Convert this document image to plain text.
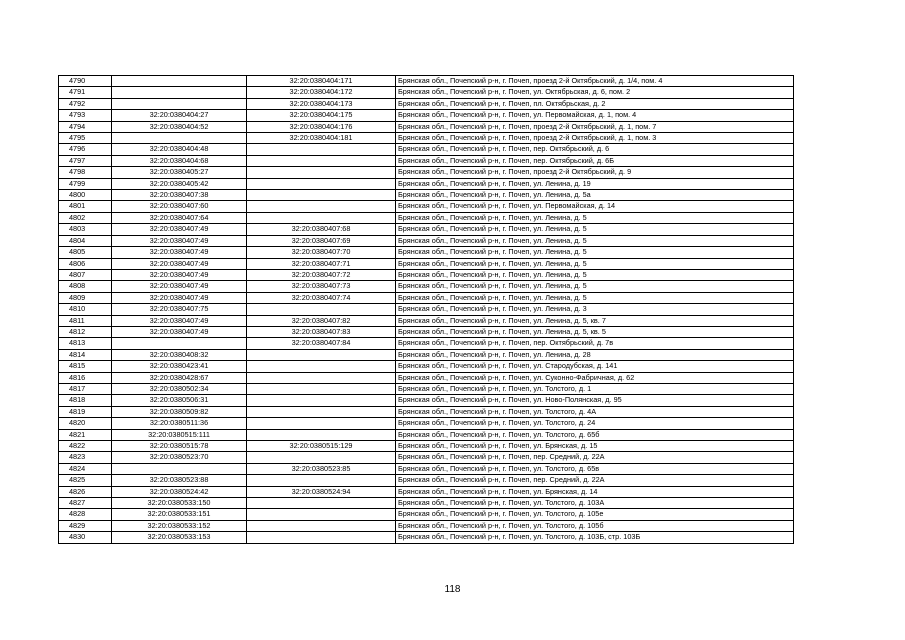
4790		32:20:0380404:171	Брянская обл., Почепский р-н, г. Почеп, проезд 2-й Октябрьский, д. 1/4, пом. 4
4791		32:20:0380404:172	Брянская обл., Почепский р-н, г. Почеп, ул. Октябрьская, д. 6, пом. 2
4792		32:20:0380404:173	Брянская обл., Почепский р-н, г. Почеп, пл. Октябрьская, д. 2
4793	32:20:0380404:27	32:20:0380404:175	Брянская обл., Почепский р-н, г. Почеп, ул. Первомайская, д. 1, пом. 4
4794	32:20:0380404:52	32:20:0380404:176	Брянская обл., Почепский р-н, г. Почеп, проезд 2-й Октябрьский, д. 1, пом. 7
4795		32:20:0380404:181	Брянская обл., Почепский р-н, г. Почеп, проезд 2-й Октябрьский, д. 1, пом. 3
4796	32:20:0380404:48		Брянская обл., Почепский р-н, г. Почеп, пер. Октябрьский, д. 6
4797	32:20:0380404:68		Брянская обл., Почепский р-н, г. Почеп, пер. Октябрьский, д. 6Б
4798	32:20:0380405:27		Брянская обл., Почепский р-н, г. Почеп, проезд 2-й Октябрьский, д. 9
4799	32:20:0380405:42		Брянская обл., Почепский р-н, г. Почеп, ул. Ленина, д. 19
4800	32:20:0380407:38		Брянская обл., Почепский р-н, г. Почеп, ул. Ленина, д. 5а
4801	32:20:0380407:60		Брянская обл., Почепский р-н, г. Почеп, ул. Первомайская, д. 14
4802	32:20:0380407:64		Брянская обл., Почепский р-н, г. Почеп, ул. Ленина, д. 5
4803	32:20:0380407:49	32:20:0380407:68	Брянская обл., Почепский р-н, г. Почеп, ул. Ленина, д. 5
4804	32:20:0380407:49	32:20:0380407:69	Брянская обл., Почепский р-н, г. Почеп, ул. Ленина, д. 5
4805	32:20:0380407:49	32:20:0380407:70	Брянская обл., Почепский р-н, г. Почеп, ул. Ленина, д. 5
4806	32:20:0380407:49	32:20:0380407:71	Брянская обл., Почепский р-н, г. Почеп, ул. Ленина, д. 5
4807	32:20:0380407:49	32:20:0380407:72	Брянская обл., Почепский р-н, г. Почеп, ул. Ленина, д. 5
4808	32:20:0380407:49	32:20:0380407:73	Брянская обл., Почепский р-н, г. Почеп, ул. Ленина, д. 5
4809	32:20:0380407:49	32:20:0380407:74	Брянская обл., Почепский р-н, г. Почеп, ул. Ленина, д. 5
4810	32:20:0380407:75		Брянская обл., Почепский р-н, г. Почеп, ул. Ленина, д. 3
4811	32:20:0380407:49	32:20:0380407:82	Брянская обл., Почепский р-н, г. Почеп, ул. Ленина, д. 5, кв. 7
4812	32:20:0380407:49	32:20:0380407:83	Брянская обл., Почепский р-н, г. Почеп, ул. Ленина, д. 5, кв. 5
4813		32:20:0380407:84	Брянская обл., Почепский р-н, г. Почеп, пер. Октябрьский, д. 7в
4814	32:20:0380408:32		Брянская обл., Почепский р-н, г. Почеп, ул. Ленина, д. 28
4815	32:20:0380423:41		Брянская обл., Почепский р-н, г. Почеп, ул. Стародубская, д. 141
4816	32:20:0380428:67		Брянская обл., Почепский р-н, г. Почеп, ул. Суконно-Фабричная, д. 62
4817	32:20:0380502:34		Брянская обл., Почепский р-н, г. Почеп, ул. Толстого, д. 1
4818	32:20:0380506:31		Брянская обл., Почепский р-н, г. Почеп, ул. Ново-Полянская, д. 95
4819	32:20:0380509:82		Брянская обл., Почепский р-н, г. Почеп, ул. Толстого, д. 4А
4820	32:20:0380511:36		Брянская обл., Почепский р-н, г. Почеп, ул. Толстого, д. 24
4821	32:20:0380515:111		Брянская обл., Почепский р-н, г. Почеп, ул. Толстого, д. 65б
4822	32:20:0380515:78	32:20:0380515:129	Брянская обл., Почепский р-н, г. Почеп, ул. Брянская, д. 15
4823	32:20:0380523:70		Брянская обл., Почепский р-н, г. Почеп, пер. Средний, д. 22А
4824		32:20:0380523:85	Брянская обл., Почепский р-н, г. Почеп, ул. Толстого, д. 65в
4825	32:20:0380523:88		Брянская обл., Почепский р-н, г. Почеп, пер. Средний, д. 22А
4826	32:20:0380524:42	32:20:0380524:94	Брянская обл., Почепский р-н, г. Почеп, ул. Брянская, д. 14
4827	32:20:0380533:150		Брянская обл., Почепский р-н, г. Почеп, ул. Толстого, д. 103А
4828	32:20:0380533:151		Брянская обл., Почепский р-н, г. Почеп, ул. Толстого, д. 105е
4829	32:20:0380533:152		Брянская обл., Почепский р-н, г. Почеп, ул. Толстого, д. 105б
4830	32:20:0380533:153		Брянская обл., Почепский р-н, г. Почеп, ул. Толстого, д. 103Б, стр. 103Б
118
